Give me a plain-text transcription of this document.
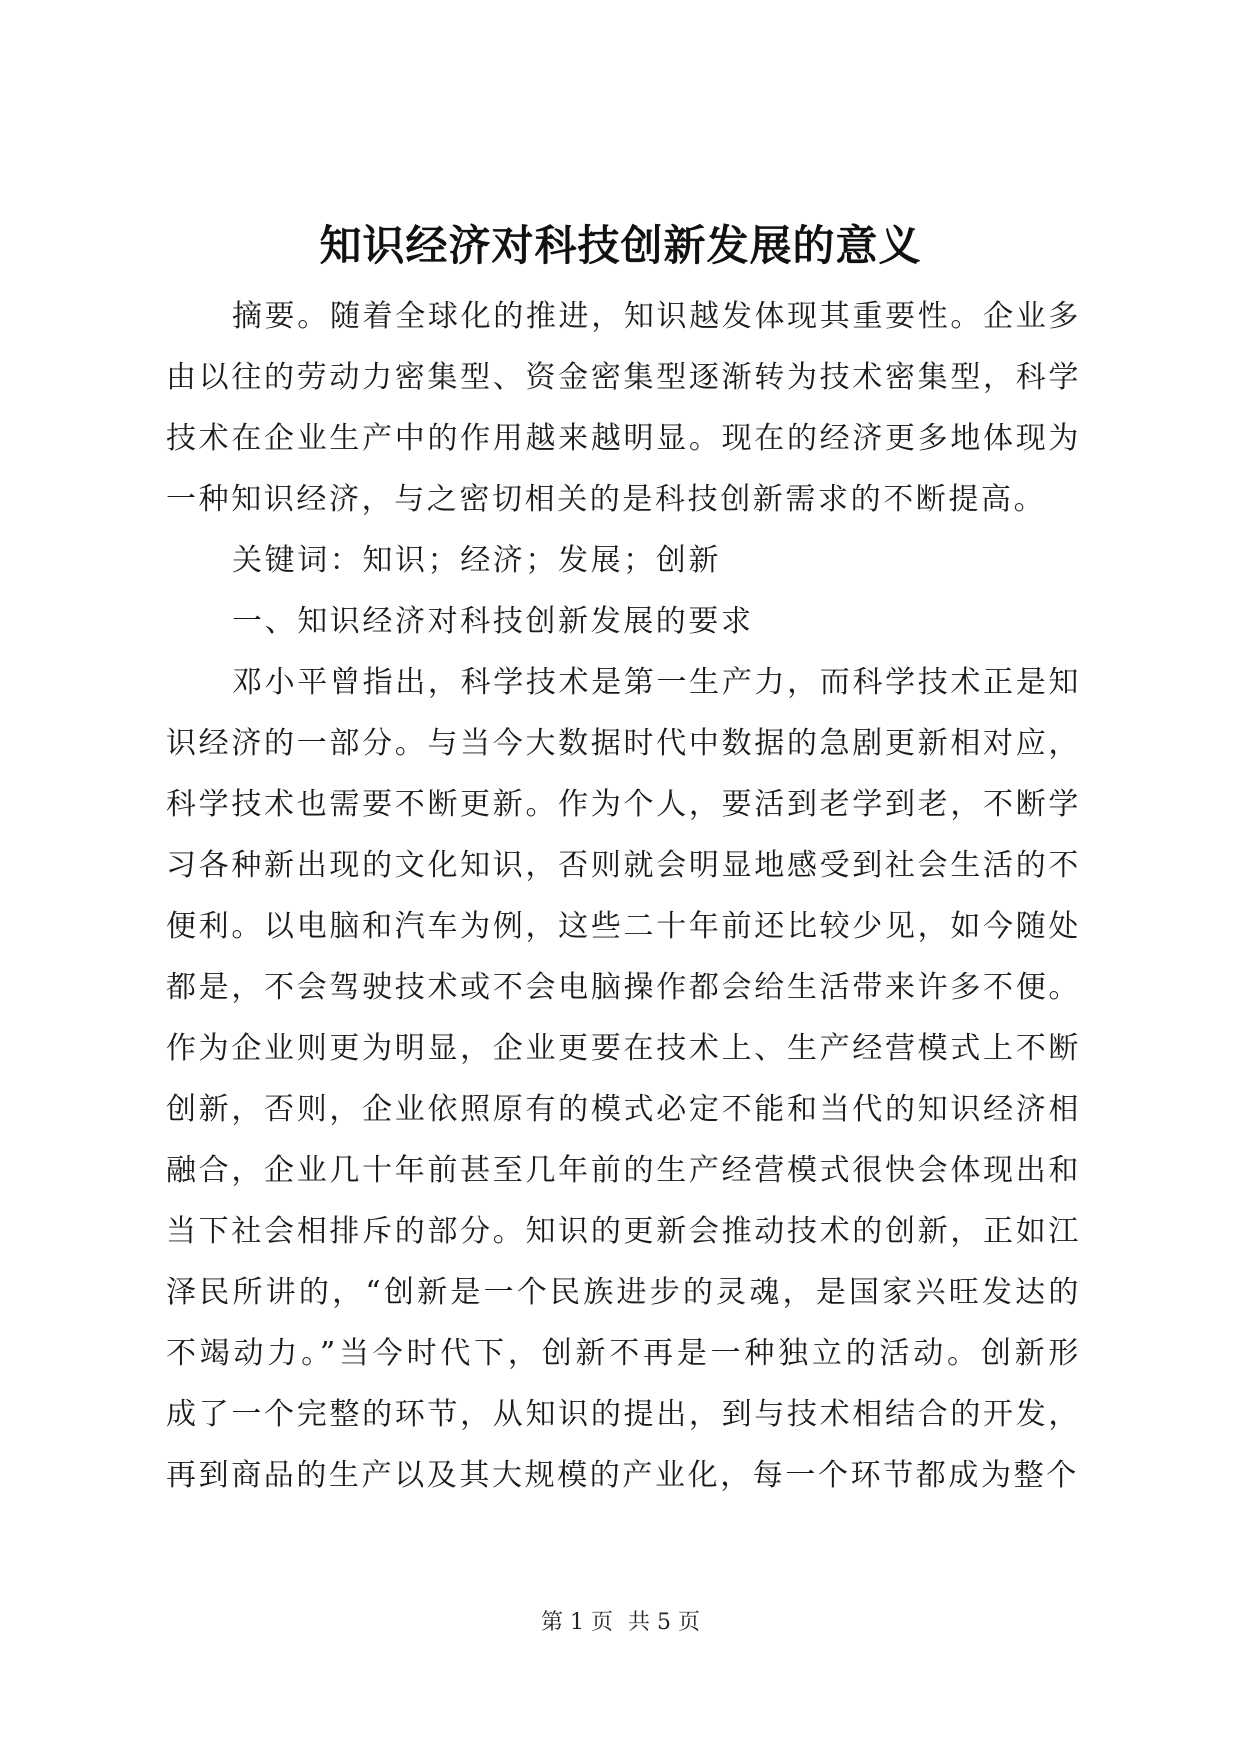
知识经济对科技创新发展的意义

摘要。随着全球化的推进，知识越发体现其重要性。企业多由以往的劳动力密集型、资金密集型逐渐转为技术密集型，科学技术在企业生产中的作用越来越明显。现在的经济更多地体现为一种知识经济，与之密切相关的是科技创新需求的不断提高。

关键词：知识；经济；发展；创新

一、知识经济对科技创新发展的要求

邓小平曾指出，科学技术是第一生产力，而科学技术正是知识经济的一部分。与当今大数据时代中数据的急剧更新相对应，科学技术也需要不断更新。作为个人，要活到老学到老，不断学习各种新出现的文化知识，否则就会明显地感受到社会生活的不便利。以电脑和汽车为例，这些二十年前还比较少见，如今随处都是，不会驾驶技术或不会电脑操作都会给生活带来许多不便。作为企业则更为明显，企业更要在技术上、生产经营模式上不断创新，否则，企业依照原有的模式必定不能和当代的知识经济相融合，企业几十年前甚至几年前的生产经营模式很快会体现出和当下社会相排斥的部分。知识的更新会推动技术的创新，正如江泽民所讲的，“创新是一个民族进步的灵魂，是国家兴旺发达的不竭动力。”当今时代下，创新不再是一种独立的活动。创新形成了一个完整的环节，从知识的提出，到与技术相结合的开发，再到商品的生产以及其大规模的产业化，每一个环节都成为整个

第 1 页 共 5 页
